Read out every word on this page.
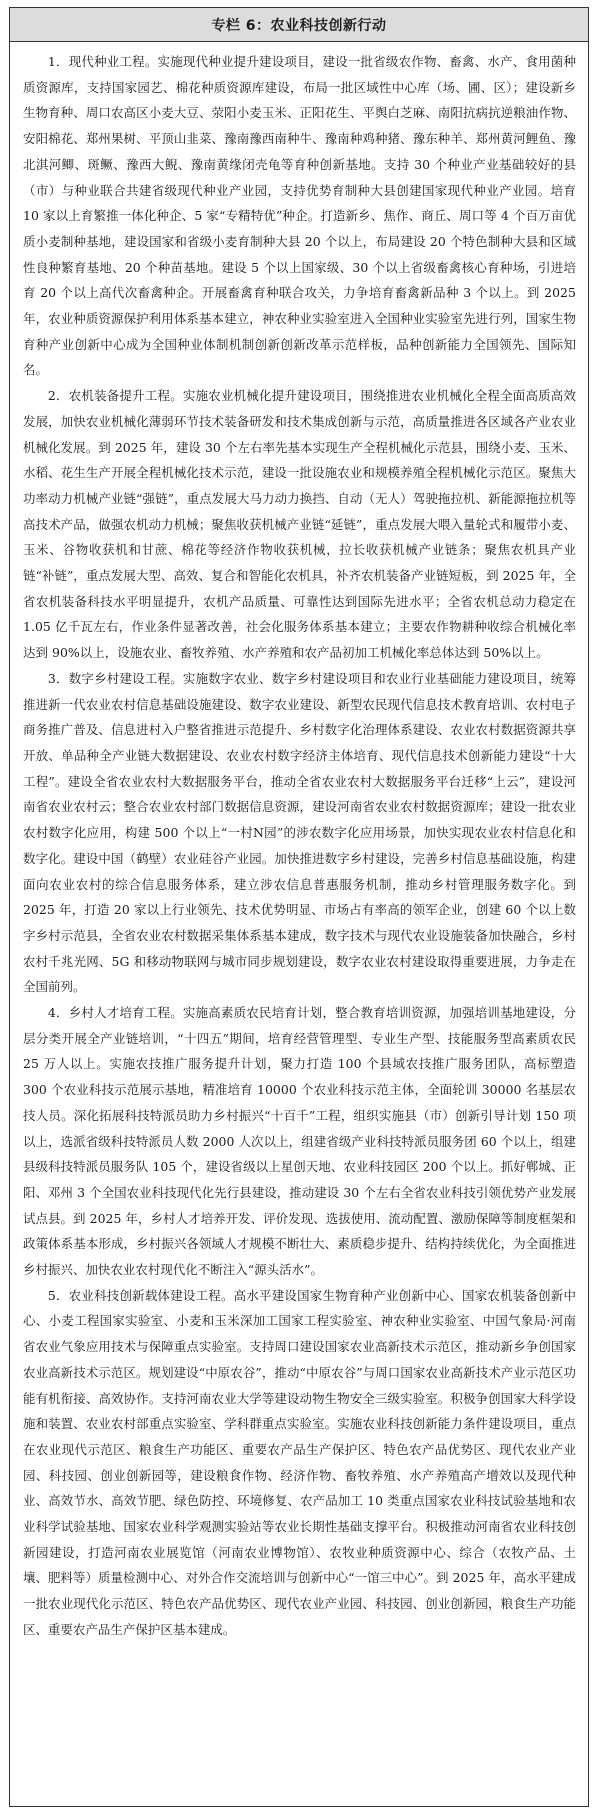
专栏 6：农业科技创新行动

1．现代种业工程。实施现代种业提升建设项目，建设一批省级农作物、畜禽、水产、食用菌种质资源库，支持国家园艺、棉花种质资源库建设，布局一批区域性中心库（场、圃、区）；建设新乡生物育种、周口农高区小麦大豆、荥阳小麦玉米、正阳花生、平舆白芝麻、南阳抗病抗逆粮油作物、安阳棉花、郑州果树、平顶山韭菜、豫南豫西南种牛、豫南种鸡种猪、豫东种羊、郑州黄河鲤鱼、豫北淇河鲫、斑鳜、豫西大鲵、豫南黄缘闭壳龟等育种创新基地。支持 30 个种业产业基础较好的县（市）与种业联合共建省级现代种业产业园，支持优势育制种大县创建国家现代种业产业园。培育 10 家以上育繁推一体化种企、5 家“专精特优”种企。打造新乡、焦作、商丘、周口等 4 个百万亩优质小麦制种基地，建设国家和省级小麦育制种大县 20 个以上，布局建设 20 个特色制种大县和区域性良种繁育基地、20 个种苗基地。建设 5 个以上国家级、30 个以上省级畜禽核心育种场，引进培育 20 个以上高代次畜禽种企。开展畜禽育种联合攻关，力争培育畜禽新品种 3 个以上。到 2025 年，农业种质资源保护利用体系基本建立，神农种业实验室进入全国种业实验室先进行列，国家生物育种产业创新中心成为全国种业体制机制创新创新改革示范样板，品种创新能力全国领先、国际知名。

2．农机装备提升工程。实施农业机械化提升建设项目，围绕推进农业机械化全程全面高质高效发展，加快农业机械化薄弱环节技术装备研发和技术集成创新与示范，高质量推进各区域各产业农业机械化发展。到 2025 年，建设 30 个左右率先基本实现生产全程机械化示范县，围绕小麦、玉米、水稻、花生生产开展全程机械化技术示范，建设一批设施农业和规模养殖全程机械化示范区。聚焦大功率动力机械产业链“强链”，重点发展大马力动力换挡、自动（无人）驾驶拖拉机、新能源拖拉机等高技术产品，做强农机动力机械；聚焦收获机械产业链“延链”，重点发展大喂入量轮式和履带小麦、玉米、谷物收获机和甘蔗、棉花等经济作物收获机械，拉长收获机械产业链条；聚焦农机具产业链“补链”，重点发展大型、高效、复合和智能化农机具，补齐农机装备产业链短板，到 2025 年，全省农机装备科技水平明显提升，农机产品质量、可靠性达到国际先进水平；全省农机总动力稳定在 1.05 亿千瓦左右，作业条件显著改善，社会化服务体系基本建立；主要农作物耕种收综合机械化率达到 90%以上，设施农业、畜牧养殖、水产养殖和农产品初加工机械化率总体达到 50%以上。

3．数字乡村建设工程。实施数字农业、数字乡村建设项目和农业行业基础能力建设项目，统筹推进新一代农业农村信息基础设施建设、数字农业建设、新型农民现代信息技术教育培训、农村电子商务推广普及、信息进村入户整省推进示范提升、乡村数字化治理体系建设、农业农村数据资源共享开放、单品种全产业链大数据建设、农业农村数字经济主体培育、现代信息技术创新能力建设“十大工程”。建设全省农业农村大数据服务平台，推动全省农业农村大数据服务平台迁移“上云”，建设河南省农业农村云；整合农业农村部门数据信息资源，建设河南省农业农村数据资源库；建设一批农业农村数字化应用，构建 500 个以上“一村N园”的涉农数字化应用场景，加快实现农业农村信息化和数字化。建设中国（鹤壁）农业硅谷产业园。加快推进数字乡村建设，完善乡村信息基础设施，构建面向农业农村的综合信息服务体系，建立涉农信息普惠服务机制，推动乡村管理服务数字化。到 2025 年，打造 20 家以上行业领先、技术优势明显、市场占有率高的领军企业，创建 60 个以上数字乡村示范县，全省农业农村数据采集体系基本建成，数字技术与现代农业设施装备加快融合，乡村农村千兆光网、5G 和移动物联网与城市同步规划建设，数字农业农村建设取得重要进展，力争走在全国前列。

4．乡村人才培育工程。实施高素质农民培育计划，整合教育培训资源，加强培训基地建设，分层分类开展全产业链培训，“十四五”期间，培育经营管理型、专业生产型、技能服务型高素质农民 25 万人以上。实施农技推广服务提升计划，聚力打造 100 个县域农技推广服务团队，高标塑造 300 个农业科技示范展示基地，精准培育 10000 个农业科技示范主体，全面轮训 30000 名基层农技人员。深化拓展科技特派员助力乡村振兴“十百千”工程，组织实施县（市）创新引导计划 150 项以上，选派省级科技特派员人数 2000 人次以上，组建省级产业科技特派员服务团 60 个以上，组建县级科技特派员服务队 105 个，建设省级以上星创天地、农业科技园区 200 个以上。抓好郸城、正阳、邓州 3 个全国农业科技现代化先行县建设，推动建设 30 个左右全省农业科技引领优势产业发展试点县。到 2025 年，乡村人才培养开发、评价发现、选拔使用、流动配置、激励保障等制度框架和政策体系基本形成，乡村振兴各领域人才规模不断壮大、素质稳步提升、结构持续优化，为全面推进乡村振兴、加快农业农村现代化不断注入“源头活水”。

5．农业科技创新载体建设工程。高水平建设国家生物育种产业创新中心、国家农机装备创新中心、小麦工程国家实验室、小麦和玉米深加工国家工程实验室、神农种业实验室、中国气象局·河南省农业气象应用技术与保障重点实验室。支持周口建设国家农业高新技术示范区，推动新乡争创国家农业高新技术示范区。规划建设“中原农谷”，推动“中原农谷”与周口国家农业高新技术产业示范区功能有机衔接、高效协作。支持河南农业大学等建设动物生物安全三级实验室。积极争创国家大科学设施和装置、农业农村部重点实验室、学科群重点实验室。实施农业科技创新能力条件建设项目，重点在农业现代示范区、粮食生产功能区、重要农产品生产保护区、特色农产品优势区、现代农业产业园、科技园、创业创新园等，建设粮食作物、经济作物、畜牧养殖、水产养殖高产增效以及现代种业、高效节水、高效节肥、绿色防控、环境修复、农产品加工 10 类重点国家农业科技试验基地和农业科学试验基地、国家农业科学观测实验站等农业长期性基础支撑平台。积极推动河南省农业科技创新园建设，打造河南农业展览馆（河南农业博物馆）、农牧业种质资源中心、综合（农牧产品、土壤、肥料等）质量检测中心、对外合作交流培训与创新中心“一馆三中心”。到 2025 年，高水平建成一批农业现代化示范区、特色农产品优势区、现代农业产业园、科技园、创业创新园，粮食生产功能区、重要农产品生产保护区基本建成。
